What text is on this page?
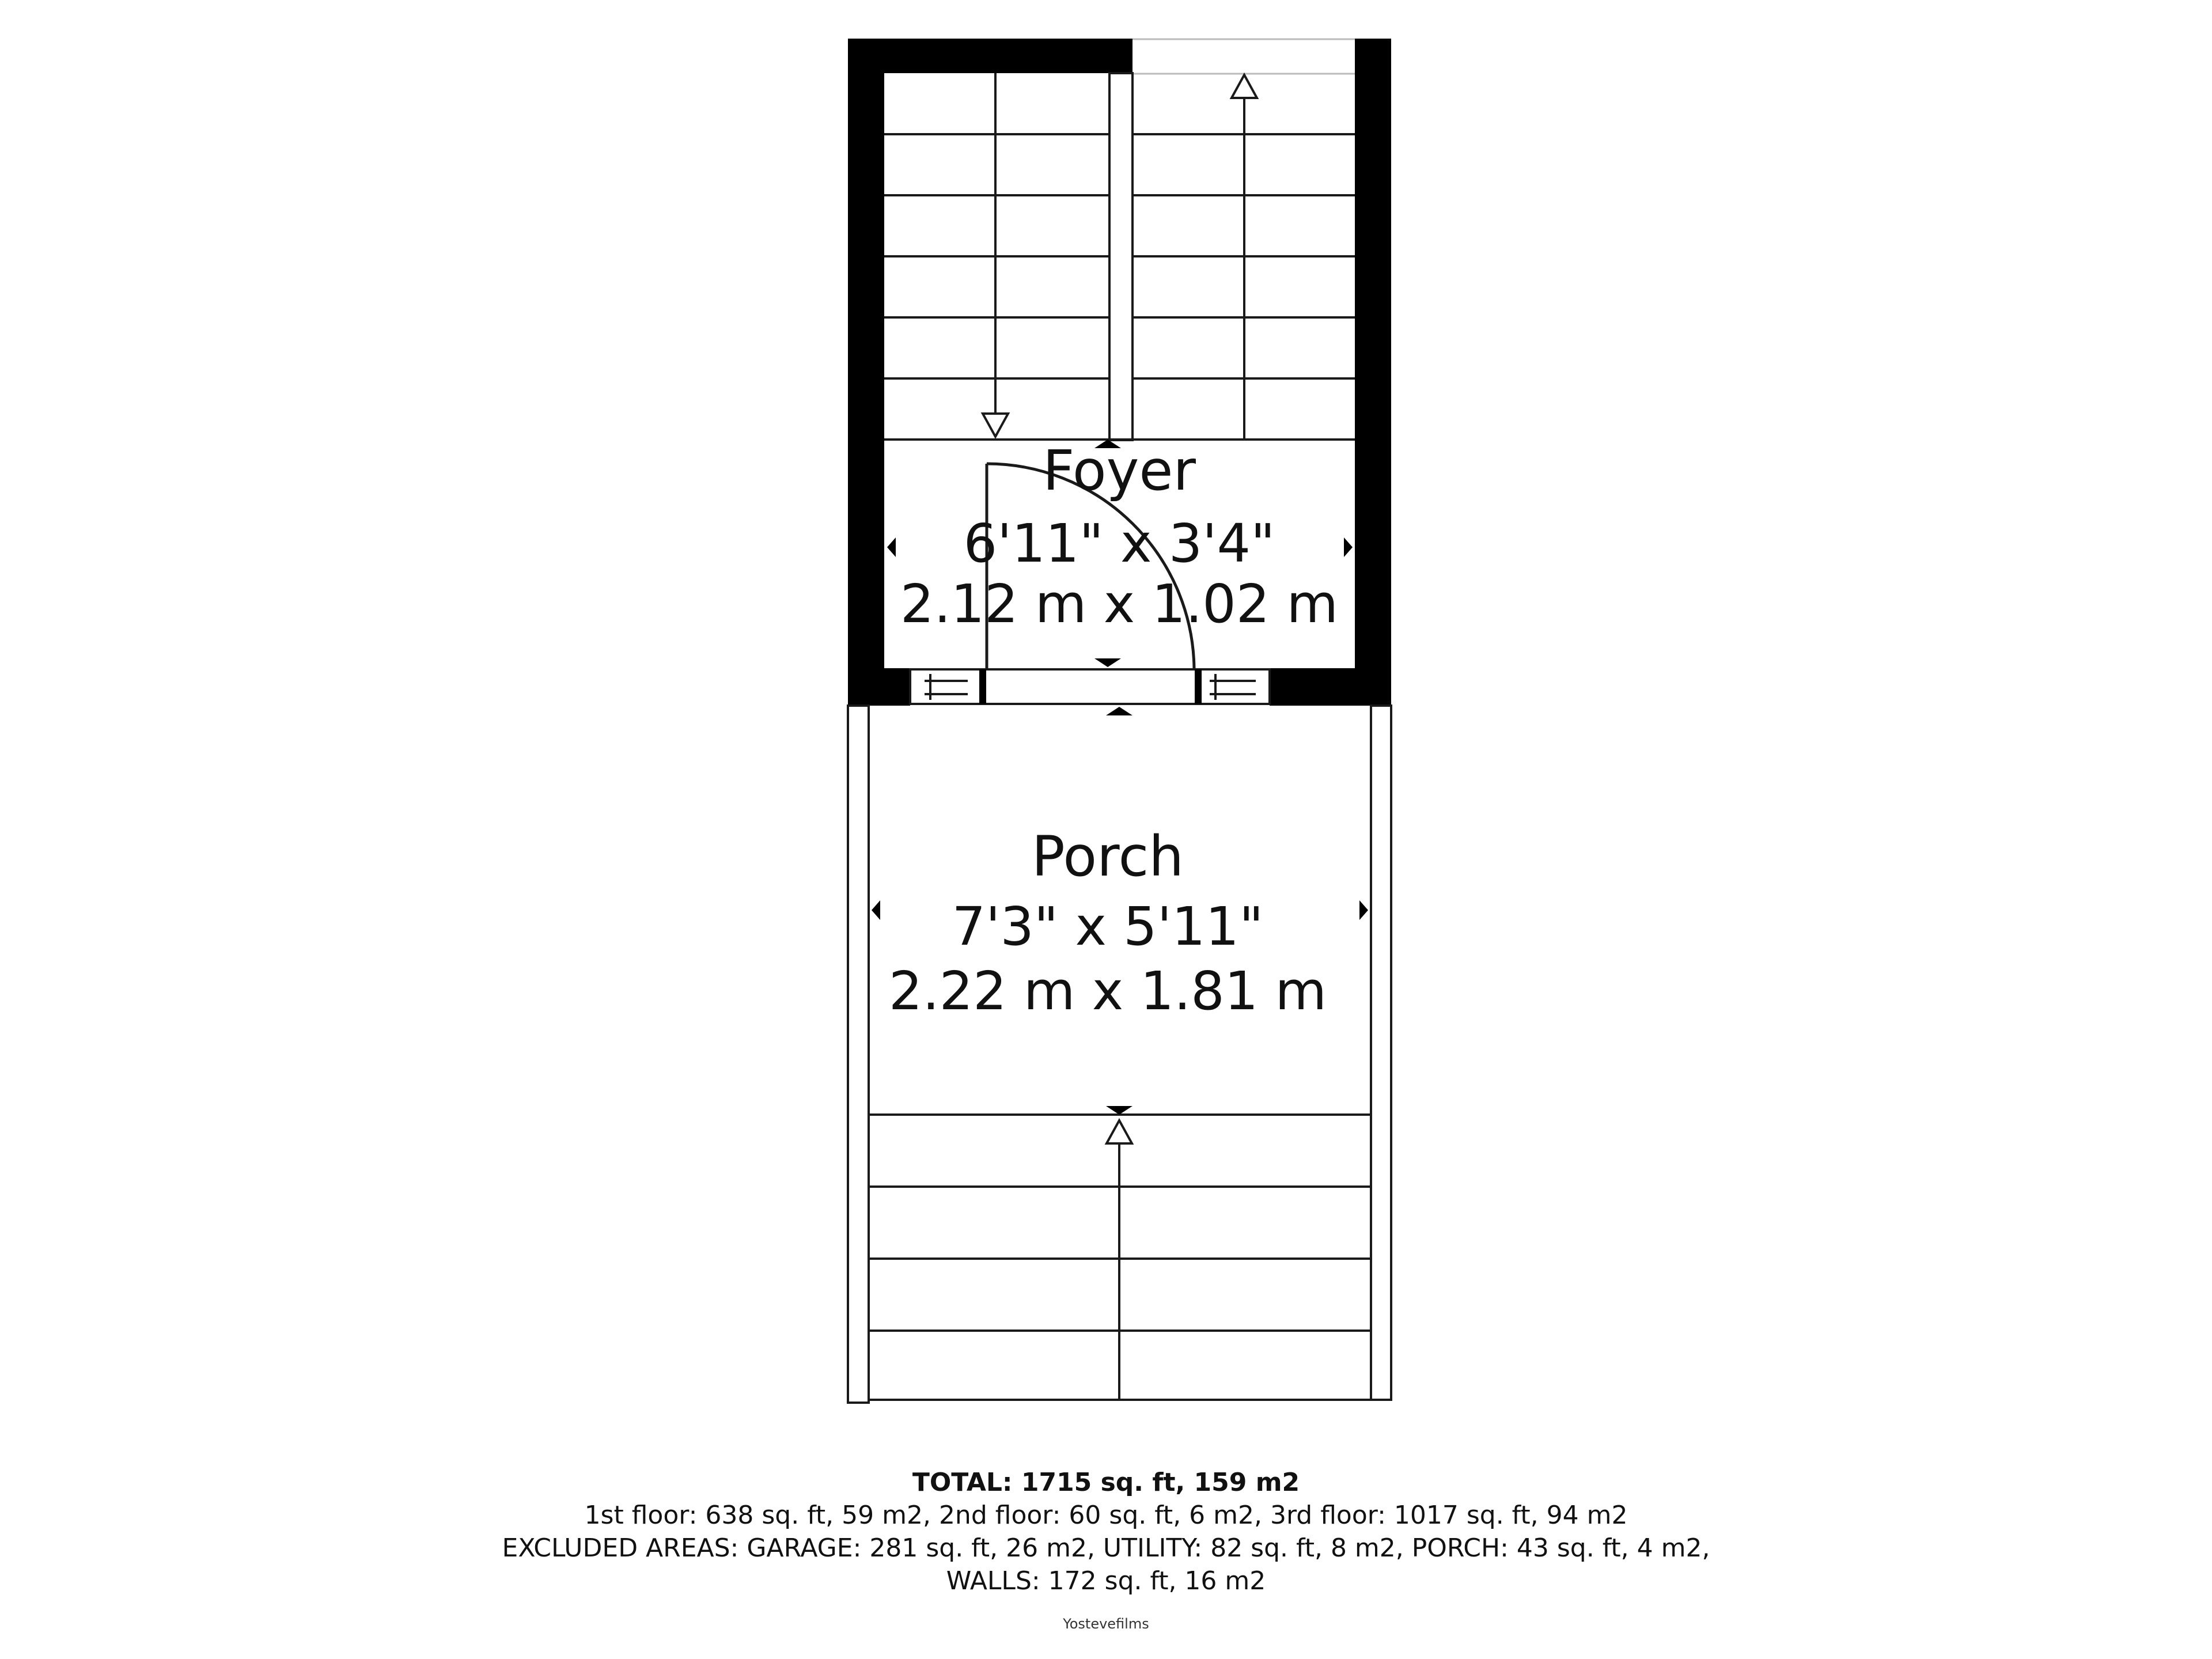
Foyer
6'11" x 3'4"
2.12 m x 1.02 m
Porch
7'3" x 5'11"
2.22 m x 1.81 m
TOTAL: 1715 sq. ft, 159 m2
1st floor: 638 sq. ft, 59 m2, 2nd floor: 60 sq. ft, 6 m2, 3rd floor: 1017 sq. ft, 94 m2
EXCLUDED AREAS: GARAGE: 281 sq. ft, 26 m2, UTILITY: 82 sq. ft, 8 m2, PORCH: 43 sq. ft, 4 m2,
WALLS: 172 sq. ft, 16 m2
Yostevefilms
